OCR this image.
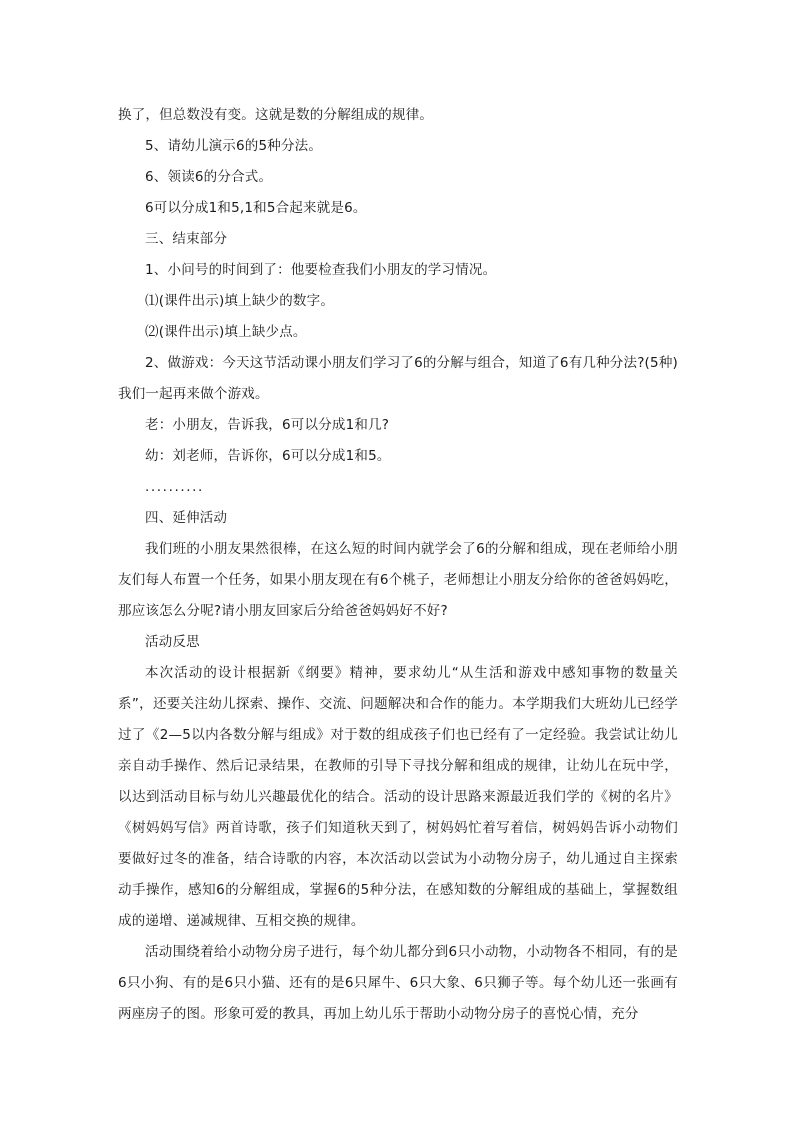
换了，但总数没有变。这就是数的分解组成的规律。

5、请幼儿演示6的5种分法。

6、领读6的分合式。

6可以分成1和5,1和5合起来就是6。

三、结束部分

1、小问号的时间到了：他要检查我们小朋友的学习情况。

⑴(课件出示)填上缺少的数字。

⑵(课件出示)填上缺少点。

2、做游戏：今天这节活动课小朋友们学习了6的分解与组合，知道了6有几种分法?(5种)我们一起再来做个游戏。

老：小朋友，告诉我，6可以分成1和几?

幼：刘老师，告诉你，6可以分成1和5。

..........

四、延伸活动

我们班的小朋友果然很棒，在这么短的时间内就学会了6的分解和组成，现在老师给小朋友们每人布置一个任务，如果小朋友现在有6个桃子，老师想让小朋友分给你的爸爸妈妈吃，那应该怎么分呢?请小朋友回家后分给爸爸妈妈好不好?

活动反思

本次活动的设计根据新《纲要》精神，要求幼儿“从生活和游戏中感知事物的数量关系”，还要关注幼儿探索、操作、交流、问题解决和合作的能力。本学期我们大班幼儿已经学过了《2—5以内各数分解与组成》对于数的组成孩子们也已经有了一定经验。我尝试让幼儿亲自动手操作、然后记录结果，在教师的引导下寻找分解和组成的规律，让幼儿在玩中学，以达到活动目标与幼儿兴趣最优化的结合。活动的设计思路来源最近我们学的《树的名片》《树妈妈写信》两首诗歌，孩子们知道秋天到了，树妈妈忙着写着信，树妈妈告诉小动物们要做好过冬的准备，结合诗歌的内容，本次活动以尝试为小动物分房子，幼儿通过自主探索动手操作，感知6的分解组成，掌握6的5种分法，在感知数的分解组成的基础上，掌握数组成的递增、递减规律、互相交换的规律。

活动围绕着给小动物分房子进行，每个幼儿都分到6只小动物，小动物各不相同，有的是6只小狗、有的是6只小猫、还有的是6只犀牛、6只大象、6只狮子等。每个幼儿还一张画有两座房子的图。形象可爱的教具，再加上幼儿乐于帮助小动物分房子的喜悦心情，充分
